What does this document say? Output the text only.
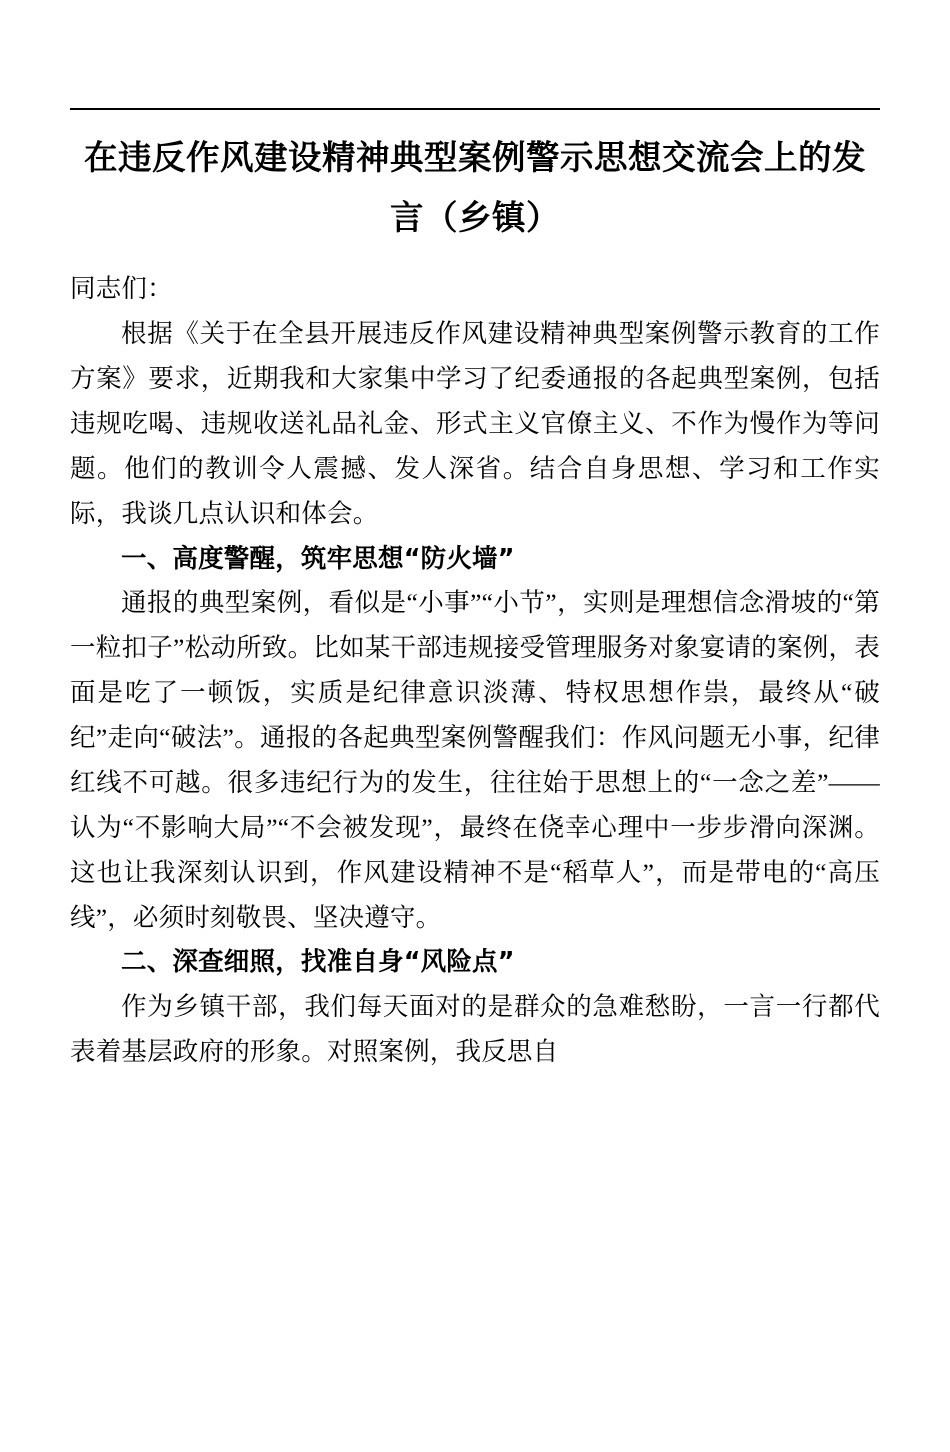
在违反作风建设精神典型案例警示思想交流会上的发言（乡镇）
同志们：

根据《关于在全县开展违反作风建设精神典型案例警示教育的工作方案》要求，近期我和大家集中学习了纪委通报的各起典型案例，包括违规吃喝、违规收送礼品礼金、形式主义官僚主义、不作为慢作为等问题。他们的教训令人震撼、发人深省。结合自身思想、学习和工作实际，我谈几点认识和体会。

一、高度警醒，筑牢思想“防火墙”

通报的典型案例，看似是“小事”“小节”，实则是理想信念滑坡的“第一粒扣子”松动所致。比如某干部违规接受管理服务对象宴请的案例，表面是吃了一顿饭，实质是纪律意识淡薄、特权思想作祟，最终从“破纪”走向“破法”。通报的各起典型案例警醒我们：作风问题无小事，纪律红线不可越。很多违纪行为的发生，往往始于思想上的“一念之差”——认为“不影响大局”“不会被发现”，最终在侥幸心理中一步步滑向深渊。这也让我深刻认识到，作风建设精神不是“稻草人”，而是带电的“高压线”，必须时刻敬畏、坚决遵守。

二、深查细照，找准自身“风险点”

作为乡镇干部，我们每天面对的是群众的急难愁盼，一言一行都代表着基层政府的形象。对照案例，我反思自
